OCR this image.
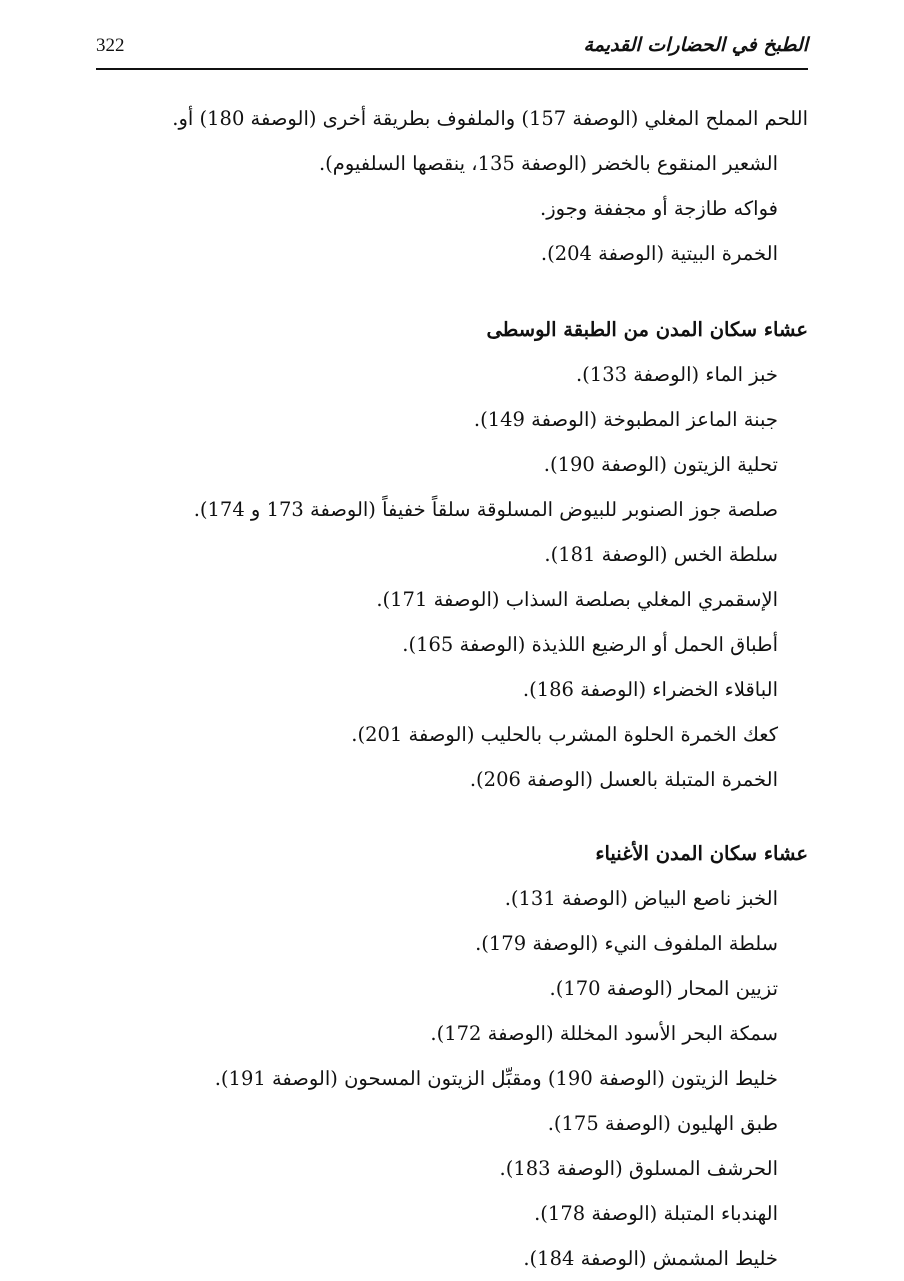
الطبخ في الحضارات القديمة
322
اللحم المملح المغلي (الوصفة 157) والملفوف بطريقة أخرى (الوصفة 180) أو.
الشعير المنقوع بالخضر (الوصفة 135، ينقصها السلفيوم).
فواكه طازجة أو مجففة وجوز.
الخمرة البيتية (الوصفة 204).
عشاء سكان المدن من الطبقة الوسطى
خبز الماء (الوصفة 133).
جبنة الماعز المطبوخة (الوصفة 149).
تحلية الزيتون (الوصفة 190).
صلصة جوز الصنوبر للبيوض المسلوقة سلقاً خفيفاً (الوصفة 173 و 174).
سلطة الخس (الوصفة 181).
الإسقمري المغلي بصلصة السذاب (الوصفة 171).
أطباق الحمل أو الرضيع اللذيذة (الوصفة 165).
الباقلاء الخضراء (الوصفة 186).
كعك الخمرة الحلوة المشرب بالحليب (الوصفة 201).
الخمرة المتبلة بالعسل (الوصفة 206).
عشاء سكان المدن الأغنياء
الخبز ناصع البياض (الوصفة 131).
سلطة الملفوف النيء (الوصفة 179).
تزيين المحار (الوصفة 170).
سمكة البحر الأسود المخللة (الوصفة 172).
خليط الزيتون (الوصفة 190) ومقبِّل الزيتون المسحون (الوصفة 191).
طبق الهليون (الوصفة 175).
الحرشف المسلوق (الوصفة 183).
الهندباء المتبلة (الوصفة 178).
خليط المشمش (الوصفة 184).
